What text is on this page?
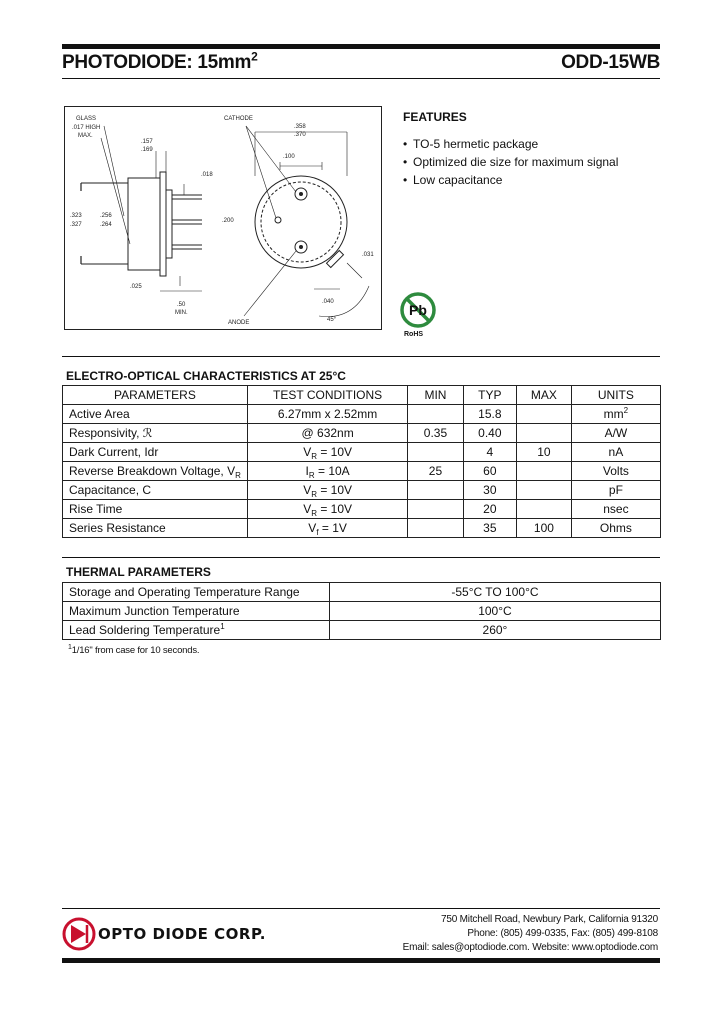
PHOTODIODE: $15mm^2$	ODD-15WB
GLASS
.017 HIGH
MAX.
.157
.169
.018
.323
.327
.256
.264
.025
.50
MIN.
CATHODE
.358
.370
.100
.200
.031
.040
45°
ANODE
FEATURES
• TO-5 hermetic package
• Optimized die size for maximum signal
• Low capacitance
Pb
RoHS
ELECTRO-OPTICAL CHARACTERISTICS AT 25°C
PARAMETERS	TEST CONDITIONS	MIN	TYP	MAX	UNITS
Active Area	6.27mm x 2.52mm		15.8		$mm^2$
Responsivity, ℛ	@ 632nm	0.35	0.40		A/W
Dark Current, Idr	$V_R = 10V$		4	10	nA
Reverse Breakdown Voltage, $V_R$	$I_R = 10A$	25	60		Volts
Capacitance, C	$V_R = 10V$		30		pF
Rise Time	$V_R = 10V$		20		nsec
Series Resistance	$V_f = 1V$		35	100	Ohms
THERMAL PARAMETERS
Storage and Operating Temperature Range	-55°C TO 100°C
Maximum Junction Temperature	100°C
Lead Soldering Temperature$^1$	260°
$^1$1/16" from case for 10 seconds.
OPTO DIODE CORP.
750 Mitchell Road, Newbury Park, California 91320
Phone: (805) 499-0335, Fax: (805) 499-8108
Email: sales@optodiode.com. Website: www.optodiode.com
